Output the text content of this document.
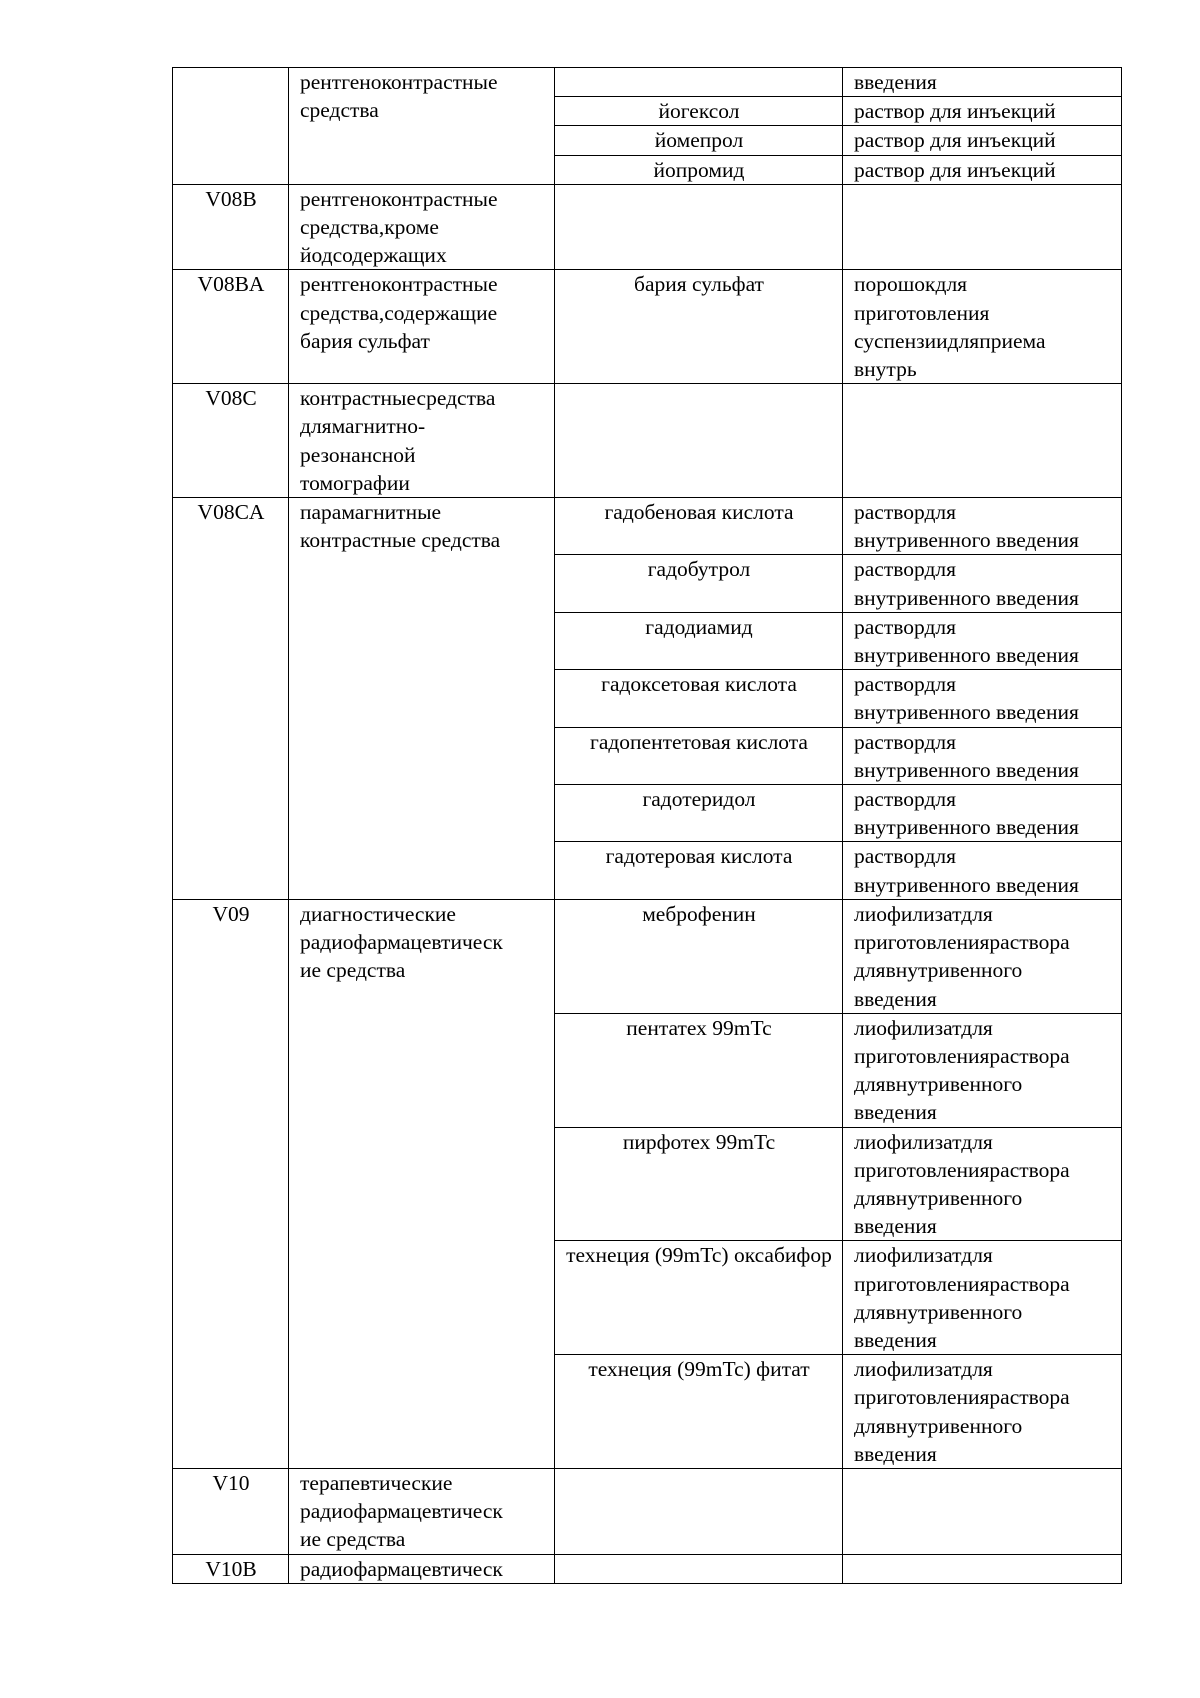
	рентгеноконтрастные
средства		введения

		йогексол	раствор для инъекций

		йомепрол	раствор для инъекций

		йопромид	раствор для инъекций

V08B	рентгеноконтрастные
средства,кроме
йодсодержащих		

V08BA	рентгеноконтрастные
средства,содержащие
бария сульфат	бария сульфат	порошокдля
приготовления
суспензиидляприема
внутрь

V08C	контрастныесредства
длямагнитно-
резонансной
томографии		

V08CA	парамагнитные
контрастные средства	гадобеновая кислота	раствордля
внутривенного введения

		гадобутрол	раствордля
внутривенного введения

		гадодиамид	раствордля
внутривенного введения

		гадоксетовая кислота	раствордля
внутривенного введения

		гадопентетовая кислота	раствордля
внутривенного введения

		гадотеридол	раствордля
внутривенного введения

		гадотеровая кислота	раствордля
внутривенного введения

V09	диагностические
радиофармацевтическ
ие средства	меброфенин	лиофилизатдля
приготовленияраствора
длявнутривенного
введения

		пентатех 99mTc	лиофилизатдля
приготовленияраствора
длявнутривенного
введения

		пирфотех 99mTc	лиофилизатдля
приготовленияраствора
длявнутривенного
введения

		технеция (99mTc) оксабифор	лиофилизатдля
приготовленияраствора
длявнутривенного
введения

		технеция (99mTc) фитат	лиофилизатдля
приготовленияраствора
длявнутривенного
введения

V10	терапевтические
радиофармацевтическ
ие средства		

V10B	радиофармацевтическ		
